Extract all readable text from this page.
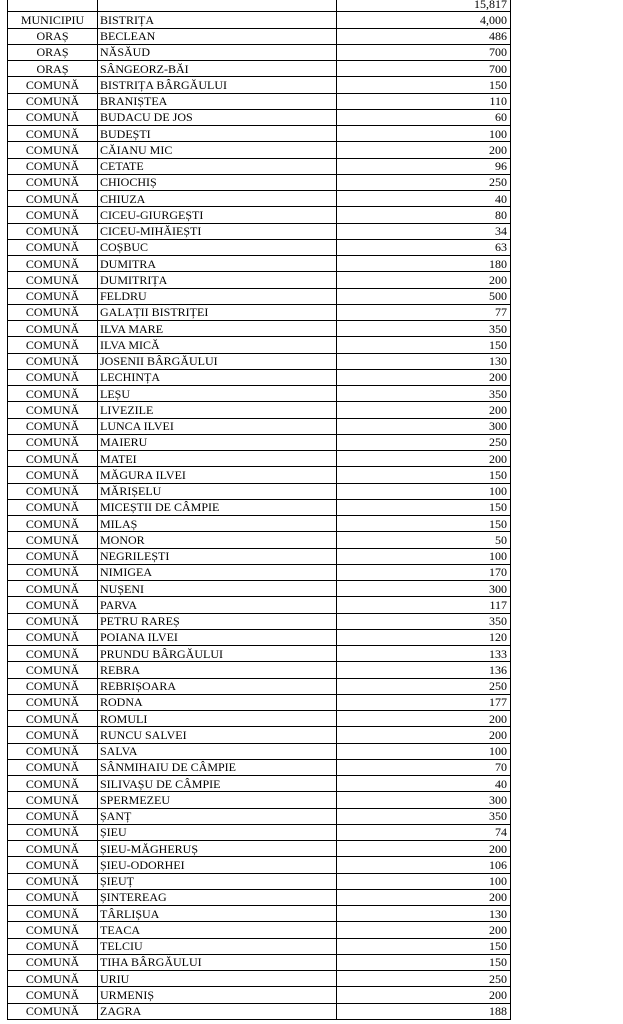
		15,817
MUNICIPIU	BISTRIȚA	4,000
ORAȘ	BECLEAN	486
ORAȘ	NĂSĂUD	700
ORAȘ	SÂNGEORZ-BĂI	700
COMUNĂ	BISTRIȚA BÂRGĂULUI	150
COMUNĂ	BRANIȘTEA	110
COMUNĂ	BUDACU DE JOS	60
COMUNĂ	BUDEȘTI	100
COMUNĂ	CĂIANU MIC	200
COMUNĂ	CETATE	96
COMUNĂ	CHIOCHIȘ	250
COMUNĂ	CHIUZA	40
COMUNĂ	CICEU-GIURGEȘTI	80
COMUNĂ	CICEU-MIHĂIEȘTI	34
COMUNĂ	COȘBUC	63
COMUNĂ	DUMITRA	180
COMUNĂ	DUMITRIȚA	200
COMUNĂ	FELDRU	500
COMUNĂ	GALAȚII BISTRIȚEI	77
COMUNĂ	ILVA MARE	350
COMUNĂ	ILVA MICĂ	150
COMUNĂ	JOSENII BÂRGĂULUI	130
COMUNĂ	LECHINȚA	200
COMUNĂ	LEȘU	350
COMUNĂ	LIVEZILE	200
COMUNĂ	LUNCA ILVEI	300
COMUNĂ	MAIERU	250
COMUNĂ	MATEI	200
COMUNĂ	MĂGURA ILVEI	150
COMUNĂ	MĂRIȘELU	100
COMUNĂ	MICEȘTII DE CÂMPIE	150
COMUNĂ	MILAȘ	150
COMUNĂ	MONOR	50
COMUNĂ	NEGRILEȘTI	100
COMUNĂ	NIMIGEA	170
COMUNĂ	NUȘENI	300
COMUNĂ	PARVA	117
COMUNĂ	PETRU RAREȘ	350
COMUNĂ	POIANA ILVEI	120
COMUNĂ	PRUNDU BÂRGĂULUI	133
COMUNĂ	REBRA	136
COMUNĂ	REBRIȘOARA	250
COMUNĂ	RODNA	177
COMUNĂ	ROMULI	200
COMUNĂ	RUNCU SALVEI	200
COMUNĂ	SALVA	100
COMUNĂ	SÂNMIHAIU DE CÂMPIE	70
COMUNĂ	SILIVAȘU DE CÂMPIE	40
COMUNĂ	SPERMEZEU	300
COMUNĂ	ȘANȚ	350
COMUNĂ	ȘIEU	74
COMUNĂ	ȘIEU-MĂGHERUȘ	200
COMUNĂ	ȘIEU-ODORHEI	106
COMUNĂ	ȘIEUȚ	100
COMUNĂ	ȘINTEREAG	200
COMUNĂ	TÂRLIȘUA	130
COMUNĂ	TEACA	200
COMUNĂ	TELCIU	150
COMUNĂ	TIHA BÂRGĂULUI	150
COMUNĂ	URIU	250
COMUNĂ	URMENIȘ	200
COMUNĂ	ZAGRA	188
